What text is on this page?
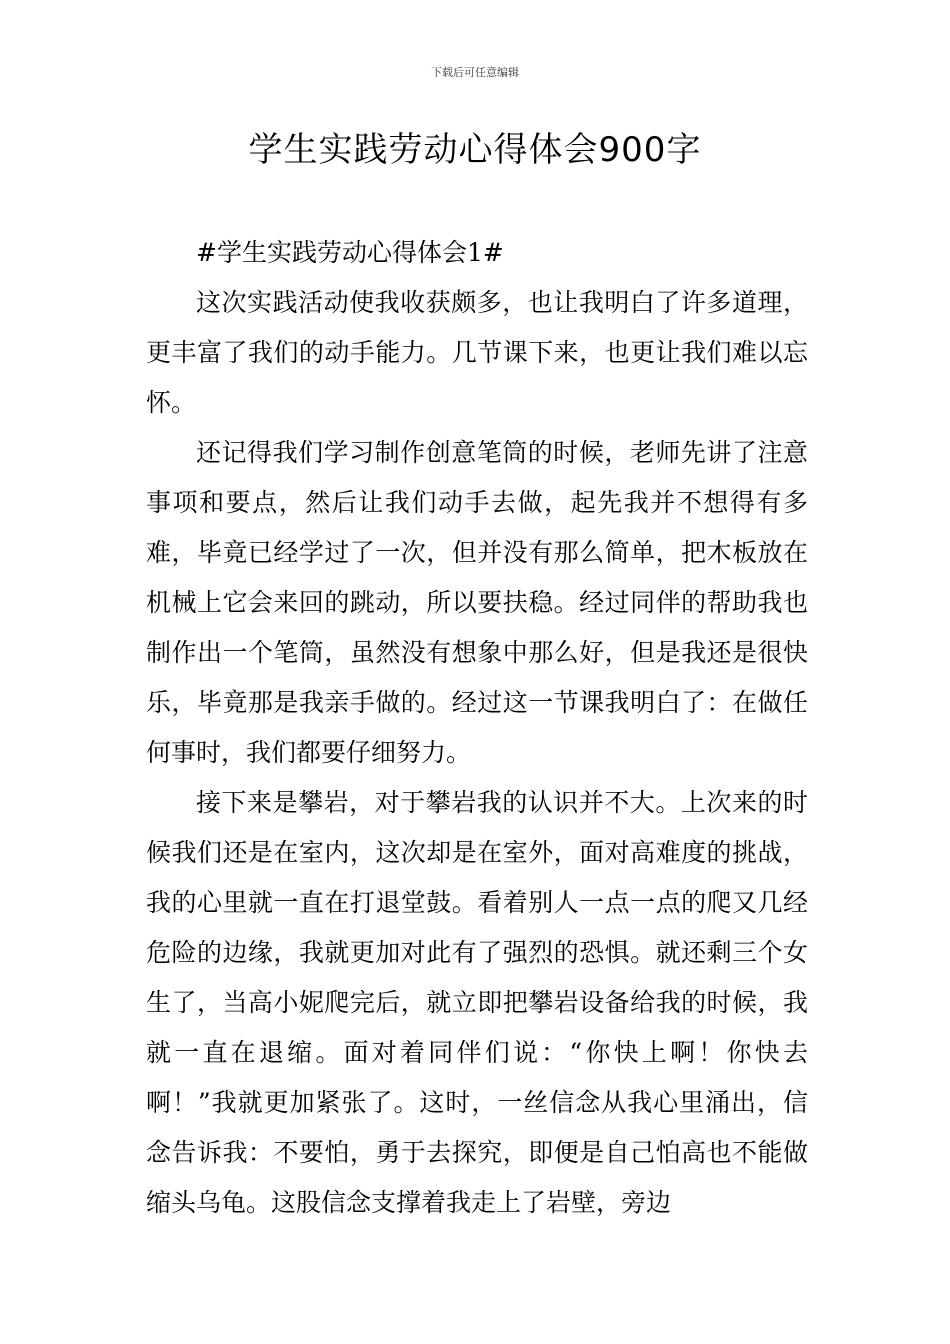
下载后可任意编辑
学生实践劳动心得体会900字

#学生实践劳动心得体会1#

这次实践活动使我收获颇多，也让我明白了许多道理，更丰富了我们的动手能力。几节课下来，也更让我们难以忘怀。

还记得我们学习制作创意笔筒的时候，老师先讲了注意事项和要点，然后让我们动手去做，起先我并不想得有多难，毕竟已经学过了一次，但并没有那么简单，把木板放在机械上它会来回的跳动，所以要扶稳。经过同伴的帮助我也制作出一个笔筒，虽然没有想象中那么好，但是我还是很快乐，毕竟那是我亲手做的。经过这一节课我明白了：在做任何事时，我们都要仔细努力。

接下来是攀岩，对于攀岩我的认识并不大。上次来的时候我们还是在室内，这次却是在室外，面对高难度的挑战，我的心里就一直在打退堂鼓。看着别人一点一点的爬又几经危险的边缘，我就更加对此有了强烈的恐惧。就还剩三个女生了，当高小妮爬完后，就立即把攀岩设备给我的时候，我就一直在退缩。面对着同伴们说：“你快上啊！你快去啊！”我就更加紧张了。这时，一丝信念从我心里涌出，信念告诉我：不要怕，勇于去探究，即便是自己怕高也不能做缩头乌龟。这股信念支撑着我走上了岩壁，旁边
